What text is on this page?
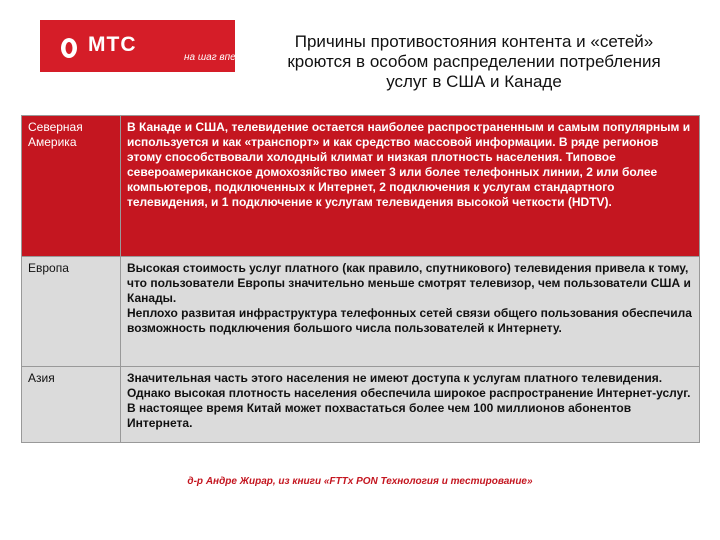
МТС
на шаг впереди
Причины противостояния контента и «сетей»
кроются в особом распределении потребления
услуг в США и Канаде
Северная Америка

В Канаде и США, телевидение остается наиболее распространенным и самым популярным и используется и как «транспорт» и как средство массовой информации. В ряде регионов этому способствовали холодный климат и низкая плотность населения. Типовое североамериканское домохозяйство имеет 3 или более телефонных линии, 2 или более компьютеров, подключенных к Интернет, 2 подключения к услугам стандартного телевидения, и 1 подключение к услугам телевидения высокой четкости (HDTV).

Европа	Высокая стоимость услуг платного (как правило, спутникового) телевидения привела к тому, что пользователи Европы значительно меньше смотрят телевизор, чем пользователи США и Канады.

Неплохо развитая инфраструктура телефонных сетей связи общего пользования обеспечила возможность подключения большого числа пользователей к Интернету.

Азия	Значительная часть этого населения не имеют доступа к услугам платного телевидения. Однако высокая плотность населения обеспечила широкое распространение Интернет-услуг. В настоящее время Китай может похвастаться более чем 100 миллионов абонентов Интернета.

д-р Андре Жирар, из книги «FTTx PON Технология и тестирование»
